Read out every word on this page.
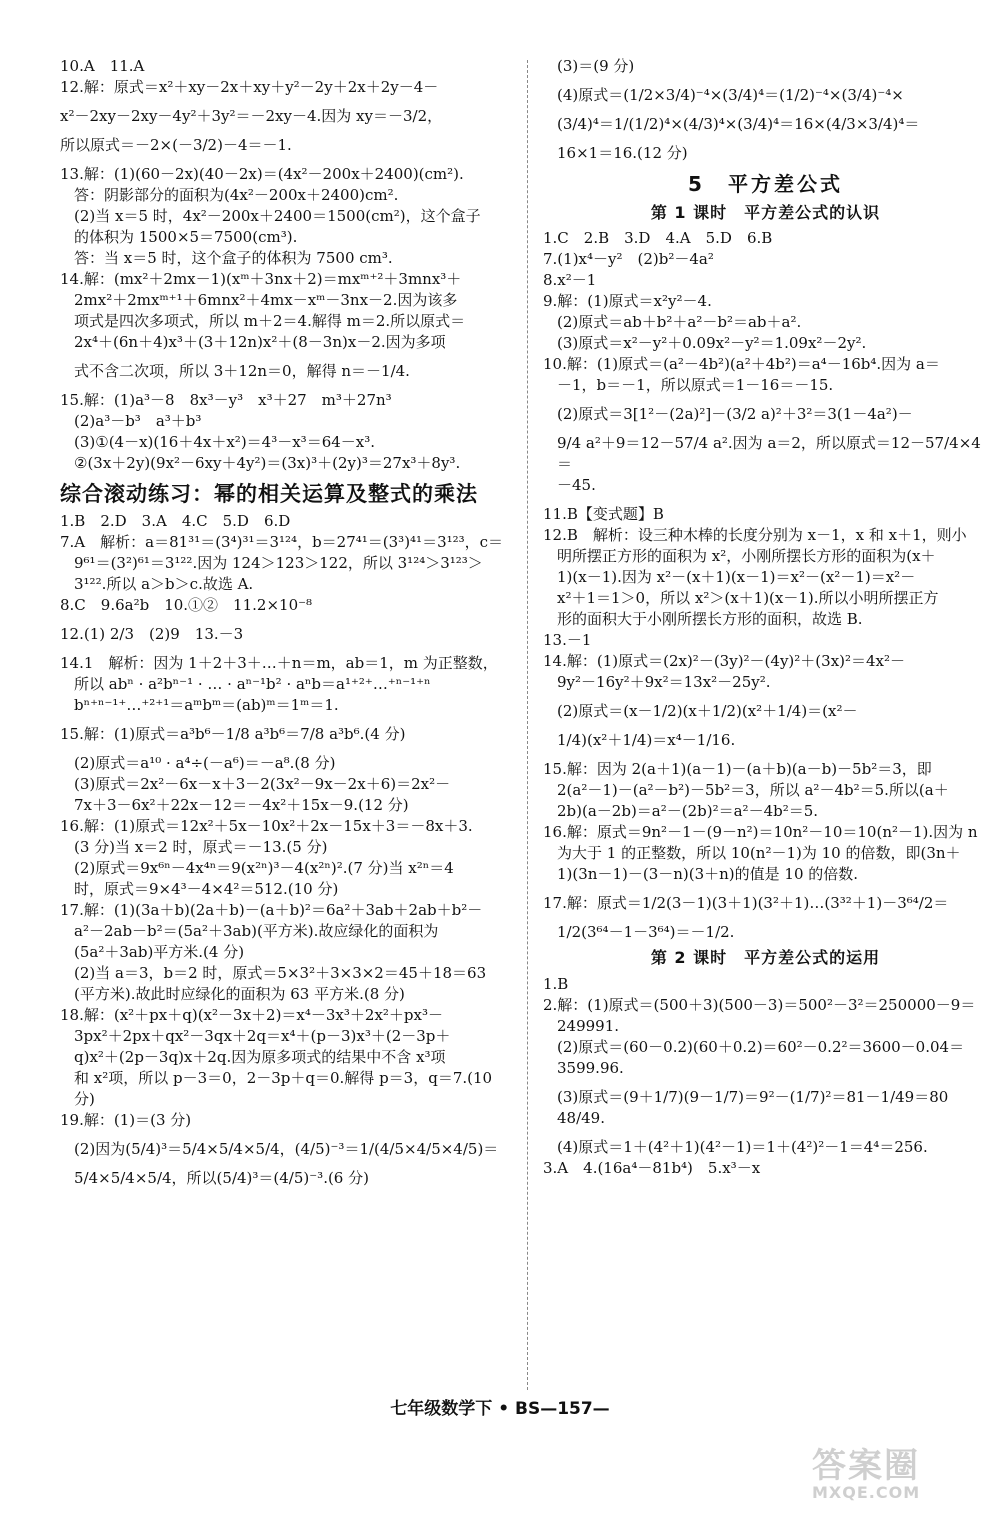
10.A　11.A
12.解：原式＝x²＋xy－2x＋xy＋y²－2y＋2x＋2y－4－
x²－2xy－2xy－4y²＋3y²＝－2xy－4.因为 xy＝－3/2，
所以原式＝－2×(－3/2)－4＝－1.
13.解：(1)(60－2x)(40－2x)＝(4x²－200x＋2400)(cm²).
答：阴影部分的面积为(4x²－200x＋2400)cm².
(2)当 x＝5 时，4x²－200x＋2400＝1500(cm²)，这个盒子
的体积为 1500×5＝7500(cm³).
答：当 x＝5 时，这个盒子的体积为 7500 cm³.
14.解：(mx²＋2mx－1)(xᵐ＋3nx＋2)＝mxᵐ⁺²＋3mnx³＋
2mx²＋2mxᵐ⁺¹＋6mnx²＋4mx－xᵐ－3nx－2.因为该多
项式是四次多项式，所以 m＋2＝4.解得 m＝2.所以原式＝
2x⁴＋(6n＋4)x³＋(3＋12n)x²＋(8－3n)x－2.因为多项
式不含二次项，所以 3＋12n＝0，解得 n＝－1/4.
15.解：(1)a³－8　8x³－y³　x³＋27　m³＋27n³
(2)a³－b³　a³＋b³
(3)①(4－x)(16＋4x＋x²)＝4³－x³＝64－x³.
②(3x＋2y)(9x²－6xy＋4y²)＝(3x)³＋(2y)³＝27x³＋8y³.
综合滚动练习：幂的相关运算及整式的乘法
1.B　2.D　3.A　4.C　5.D　6.D
7.A　解析：a＝81³¹＝(3⁴)³¹＝3¹²⁴，b＝27⁴¹＝(3³)⁴¹＝3¹²³，c＝
9⁶¹＝(3²)⁶¹＝3¹²².因为 124＞123＞122，所以 3¹²⁴＞3¹²³＞
3¹²².所以 a＞b＞c.故选 A.
8.C　9.6a²b　10.①②　11.2×10⁻⁸
12.(1) 2/3　(2)9　13.－3
14.1　解析：因为 1＋2＋3＋…＋n＝m，ab＝1，m 为正整数，
所以 abⁿ · a²bⁿ⁻¹ · … · aⁿ⁻¹b² · aⁿb＝a¹⁺²⁺…⁺ⁿ⁻¹⁺ⁿ
bⁿ⁺ⁿ⁻¹⁺…⁺²⁺¹＝aᵐbᵐ＝(ab)ᵐ＝1ᵐ＝1.
15.解：(1)原式＝a³b⁶－1/8 a³b⁶＝7/8 a³b⁶.(4 分)
(2)原式＝a¹⁰ · a⁴÷(－a⁶)＝－a⁸.(8 分)
(3)原式＝2x²－6x－x＋3－2(3x²－9x－2x＋6)＝2x²－
7x＋3－6x²＋22x－12＝－4x²＋15x－9.(12 分)
16.解：(1)原式＝12x²＋5x－10x²＋2x－15x＋3＝－8x＋3.
(3 分)当 x＝2 时，原式＝－13.(5 分)
(2)原式＝9x⁶ⁿ－4x⁴ⁿ＝9(x²ⁿ)³－4(x²ⁿ)².(7 分)当 x²ⁿ＝4
时，原式＝9×4³－4×4²＝512.(10 分)
17.解：(1)(3a＋b)(2a＋b)－(a＋b)²＝6a²＋3ab＋2ab＋b²－
a²－2ab－b²＝(5a²＋3ab)(平方米).故应绿化的面积为
(5a²＋3ab)平方米.(4 分)
(2)当 a＝3，b＝2 时，原式＝5×3²＋3×3×2＝45＋18＝63
(平方米).故此时应绿化的面积为 63 平方米.(8 分)
18.解：(x²＋px＋q)(x²－3x＋2)＝x⁴－3x³＋2x²＋px³－
3px²＋2px＋qx²－3qx＋2q＝x⁴＋(p－3)x³＋(2－3p＋
q)x²＋(2p－3q)x＋2q.因为原多项式的结果中不含 x³项
和 x²项，所以 p－3＝0，2－3p＋q＝0.解得 p＝3，q＝7.(10 分)
19.解：(1)＝(3 分)
(2)因为(5/4)³＝5/4×5/4×5/4，(4/5)⁻³＝1/(4/5×4/5×4/5)＝
5/4×5/4×5/4，所以(5/4)³＝(4/5)⁻³.(6 分)
(3)＝(9 分)
(4)原式＝(1/2×3/4)⁻⁴×(3/4)⁴＝(1/2)⁻⁴×(3/4)⁻⁴×
(3/4)⁴＝1/(1/2)⁴×(4/3)⁴×(3/4)⁴＝16×(4/3×3/4)⁴＝
16×1＝16.(12 分)
5　平方差公式
第 1 课时　平方差公式的认识
1.C　2.B　3.D　4.A　5.D　6.B
7.(1)x⁴－y²　(2)b²－4a²
8.x²－1
9.解：(1)原式＝x²y²－4.
(2)原式＝ab＋b²＋a²－b²＝ab＋a².
(3)原式＝x²－y²＋0.09x²－y²＝1.09x²－2y².
10.解：(1)原式＝(a²－4b²)(a²＋4b²)＝a⁴－16b⁴.因为 a＝
－1，b＝－1，所以原式＝1－16＝－15.
(2)原式＝3[1²－(2a)²]－(3/2 a)²＋3²＝3(1－4a²)－
9/4 a²＋9＝12－57/4 a².因为 a＝2，所以原式＝12－57/4×4＝
－45.
11.B【变式题】B
12.B　解析：设三种木棒的长度分别为 x－1，x 和 x＋1，则小
明所摆正方形的面积为 x²，小刚所摆长方形的面积为(x＋
1)(x－1).因为 x²－(x＋1)(x－1)＝x²－(x²－1)＝x²－
x²＋1＝1＞0，所以 x²＞(x＋1)(x－1).所以小明所摆正方
形的面积大于小刚所摆长方形的面积，故选 B.
13.－1
14.解：(1)原式＝(2x)²－(3y)²－(4y)²＋(3x)²＝4x²－
9y²－16y²＋9x²＝13x²－25y².
(2)原式＝(x－1/2)(x＋1/2)(x²＋1/4)＝(x²－
1/4)(x²＋1/4)＝x⁴－1/16.
15.解：因为 2(a＋1)(a－1)－(a＋b)(a－b)－5b²＝3，即
2(a²－1)－(a²－b²)－5b²＝3，所以 a²－4b²＝5.所以(a＋
2b)(a－2b)＝a²－(2b)²＝a²－4b²＝5.
16.解：原式＝9n²－1－(9－n²)＝10n²－10＝10(n²－1).因为 n
为大于 1 的正整数，所以 10(n²－1)为 10 的倍数，即(3n＋
1)(3n－1)－(3－n)(3＋n)的值是 10 的倍数.
17.解：原式＝1/2(3－1)(3＋1)(3²＋1)…(3³²＋1)－3⁶⁴/2＝
1/2(3⁶⁴－1－3⁶⁴)＝－1/2.
第 2 课时　平方差公式的运用
1.B
2.解：(1)原式＝(500＋3)(500－3)＝500²－3²＝250000－9＝
249991.
(2)原式＝(60－0.2)(60＋0.2)＝60²－0.2²＝3600－0.04＝
3599.96.
(3)原式＝(9＋1/7)(9－1/7)＝9²－(1/7)²＝81－1/49＝80 48/49.
(4)原式＝1＋(4²＋1)(4²－1)＝1＋(4²)²－1＝4⁴＝256.
3.A　4.(16a⁴－81b⁴)　5.x³－x
七年级数学下 • BS—157—
答案圈
MXQE.COM
